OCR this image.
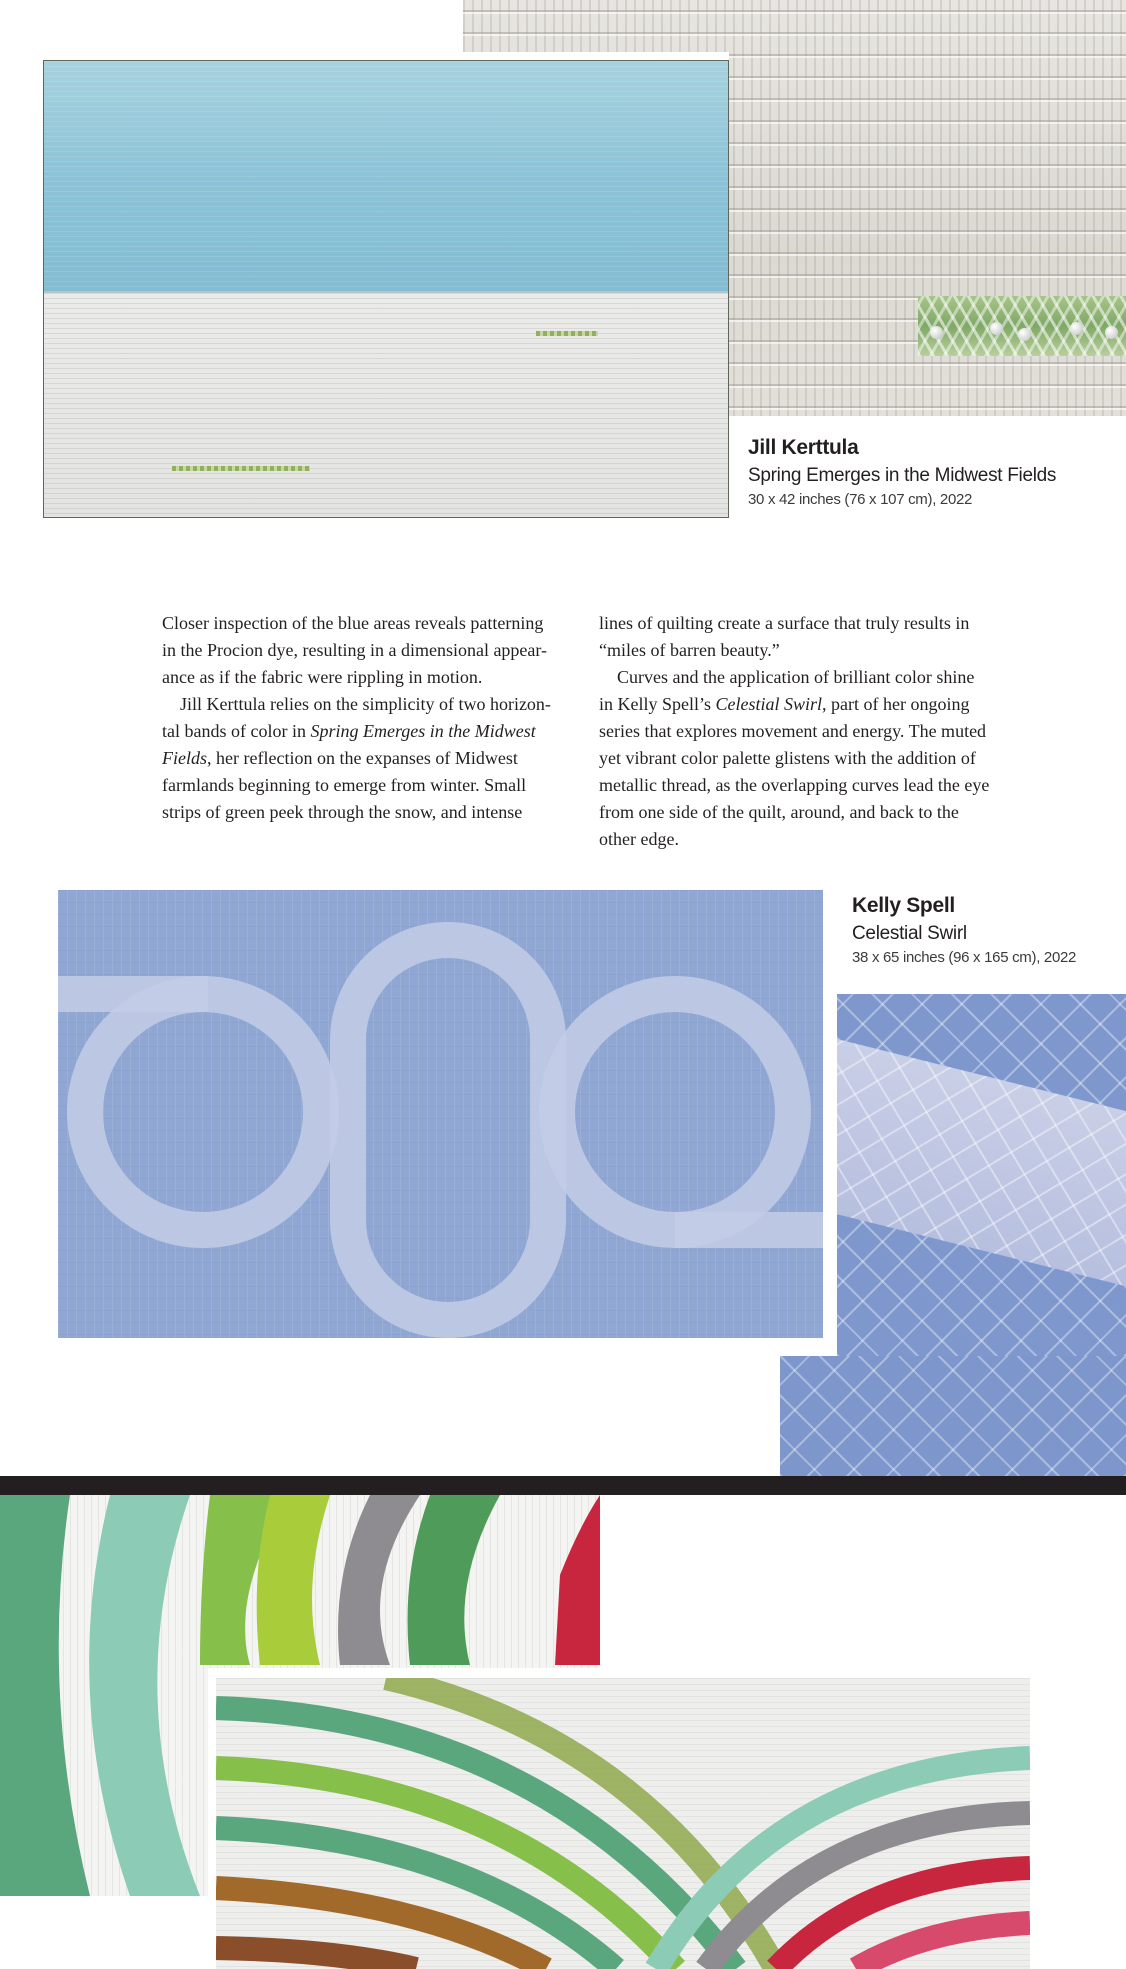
Jill Kerttula
Spring Emerges in the Midwest Fields
30 x 42 inches (76 x 107 cm), 2022
Closer inspection of the blue areas reveals patterning
in the Procion dye, resulting in a dimensional appear-
ance as if the fabric were rippling in motion.
Jill Kerttula relies on the simplicity of two horizon-
tal bands of color in Spring Emerges in the Midwest
Fields, her reflection on the expanses of Midwest
farmlands beginning to emerge from winter. Small
strips of green peek through the snow, and intense
lines of quilting create a surface that truly results in
“miles of barren beauty.”
Curves and the application of brilliant color shine
in Kelly Spell’s Celestial Swirl, part of her ongoing
series that explores movement and energy. The muted
yet vibrant color palette glistens with the addition of
metallic thread, as the overlapping curves lead the eye
from one side of the quilt, around, and back to the
other edge.
Kelly Spell
Celestial Swirl
38 x 65 inches (96 x 165 cm), 2022
